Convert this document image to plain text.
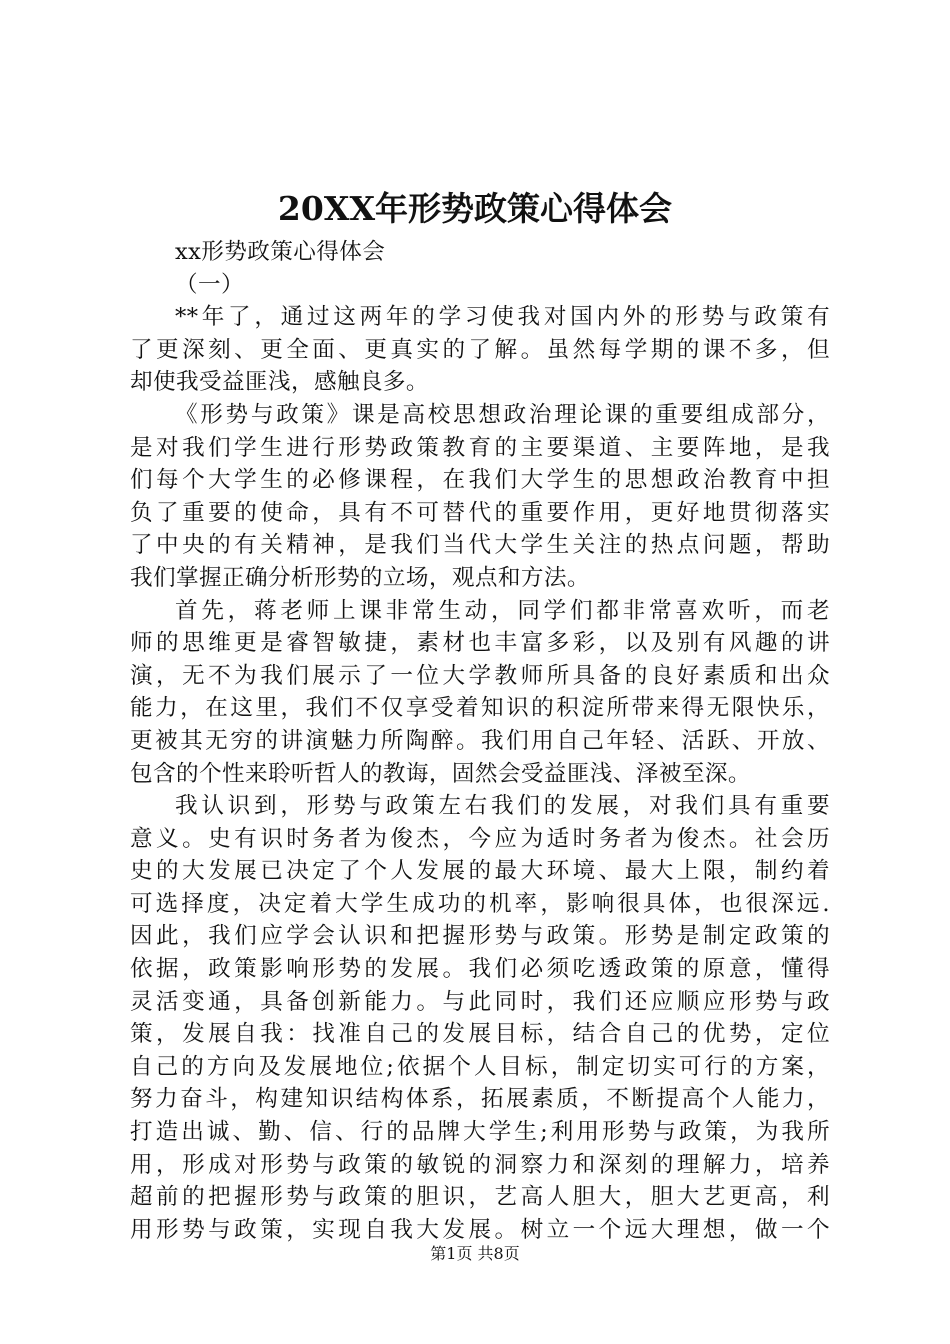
20XX年形势政策心得体会
xx形势政策心得体会
（一）
**年了，通过这两年的学习使我对国内外的形势与政策有
了更深刻、更全面、更真实的了解。虽然每学期的课不多，但
却使我受益匪浅，感触良多。
《形势与政策》课是高校思想政治理论课的重要组成部分，
是对我们学生进行形势政策教育的主要渠道、主要阵地，是我
们每个大学生的必修课程，在我们大学生的思想政治教育中担
负了重要的使命，具有不可替代的重要作用，更好地贯彻落实
了中央的有关精神，是我们当代大学生关注的热点问题，帮助
我们掌握正确分析形势的立场，观点和方法。
首先，蒋老师上课非常生动，同学们都非常喜欢听，而老
师的思维更是睿智敏捷，素材也丰富多彩，以及别有风趣的讲
演，无不为我们展示了一位大学教师所具备的良好素质和出众
能力，在这里，我们不仅享受着知识的积淀所带来得无限快乐，
更被其无穷的讲演魅力所陶醉。我们用自己年轻、活跃、开放、
包含的个性来聆听哲人的教诲，固然会受益匪浅、泽被至深。
我认识到，形势与政策左右我们的发展，对我们具有重要
意义。史有识时务者为俊杰，今应为适时务者为俊杰。社会历
史的大发展已决定了个人发展的最大环境、最大上限，制约着
可选择度，决定着大学生成功的机率，影响很具体，也很深远.
因此，我们应学会认识和把握形势与政策。形势是制定政策的
依据，政策影响形势的发展。我们必须吃透政策的原意，懂得
灵活变通，具备创新能力。与此同时，我们还应顺应形势与政
策，发展自我：找准自己的发展目标，结合自己的优势，定位
自己的方向及发展地位;依据个人目标，制定切实可行的方案，
努力奋斗，构建知识结构体系，拓展素质，不断提高个人能力，
打造出诚、勤、信、行的品牌大学生;利用形势与政策，为我所
用，形成对形势与政策的敏锐的洞察力和深刻的理解力，培养
超前的把握形势与政策的胆识，艺高人胆大，胆大艺更高，利
用形势与政策，实现自我大发展。树立一个远大理想，做一个
第1页 共8页
